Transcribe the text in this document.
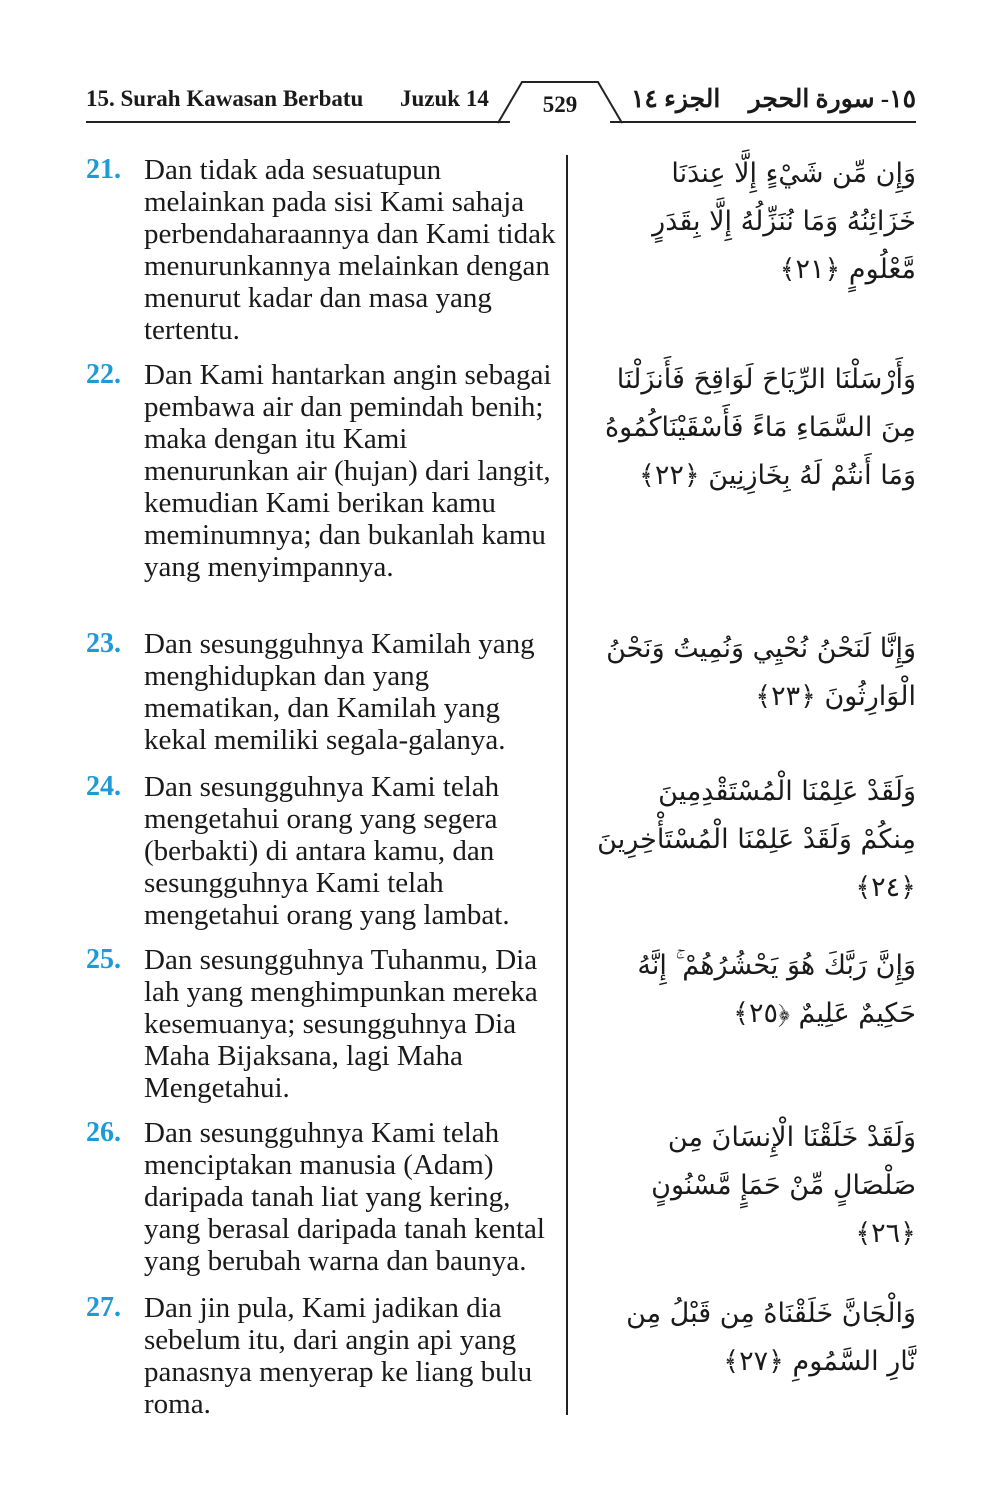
15. Surah Kawasan Berbatu Juzuk 14	529	الجزء ١٤ ١٥- سورة الحجر
21. Dan tidak ada sesuatupun melainkan pada sisi Kami sahaja perbendaharaannya dan Kami tidak menurunkannya melainkan dengan menurut kadar dan masa yang tertentu.
وَإِن مِّن شَيْءٍ إِلَّا عِندَنَا خَزَائِنُهُ وَمَا نُنَزِّلُهُ إِلَّا بِقَدَرٍ مَّعْلُومٍ ﴿٢١﴾
22. Dan Kami hantarkan angin sebagai pembawa air dan pemindah benih; maka dengan itu Kami menurunkan air (hujan) dari langit, kemudian Kami berikan kamu meminumnya; dan bukanlah kamu yang menyimpannya.
وَأَرْسَلْنَا الرِّيَاحَ لَوَاقِحَ فَأَنزَلْنَا مِنَ السَّمَاءِ مَاءً فَأَسْقَيْنَاكُمُوهُ وَمَا أَنتُمْ لَهُ بِخَازِنِينَ ﴿٢٢﴾
23. Dan sesungguhnya Kamilah yang menghidupkan dan yang mematikan, dan Kamilah yang kekal memiliki segala-galanya.
وَإِنَّا لَنَحْنُ نُحْيِي وَنُمِيتُ وَنَحْنُ الْوَارِثُونَ ﴿٢٣﴾
24. Dan sesungguhnya Kami telah mengetahui orang yang segera (berbakti) di antara kamu, dan sesungguhnya Kami telah mengetahui orang yang lambat.
وَلَقَدْ عَلِمْنَا الْمُسْتَقْدِمِينَ مِنكُمْ وَلَقَدْ عَلِمْنَا الْمُسْتَأْخِرِينَ ﴿٢٤﴾
25. Dan sesungguhnya Tuhanmu, Dia lah yang menghimpunkan mereka kesemuanya; sesungguhnya Dia Maha Bijaksana, lagi Maha Mengetahui.
وَإِنَّ رَبَّكَ هُوَ يَحْشُرُهُمْ ۚ إِنَّهُ حَكِيمٌ عَلِيمٌ ﴿٢٥﴾
26. Dan sesungguhnya Kami telah menciptakan manusia (Adam) daripada tanah liat yang kering, yang berasal daripada tanah kental yang berubah warna dan baunya.
وَلَقَدْ خَلَقْنَا الْإِنسَانَ مِن صَلْصَالٍ مِّنْ حَمَإٍ مَّسْنُونٍ ﴿٢٦﴾
27. Dan jin pula, Kami jadikan dia sebelum itu, dari angin api yang panasnya menyerap ke liang bulu roma.
وَالْجَانَّ خَلَقْنَاهُ مِن قَبْلُ مِن نَّارِ السَّمُومِ ﴿٢٧﴾
